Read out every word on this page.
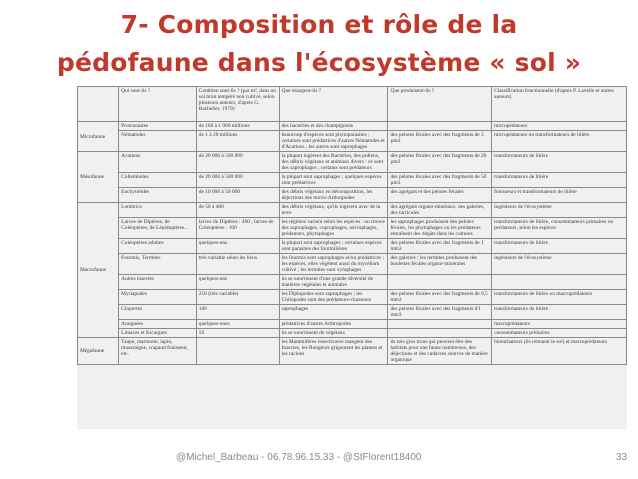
7- Composition et rôle de la
pédofaune dans l'écosystème « sol »
	Qui sont-ils ?	Combien sont-ils ? (par m², dans un sol brun tempéré non cultivé, selon plusieurs auteurs, d'après G. Bachelier, 1979)	Que mangent-ils ?	Que produisent-ils ?	Classification fonctionnelle (d'après P. Lavelle et autres auteurs)
Microfaune	Protozoaires	de 100 à 1 000 millions	des bactéries et des champignons		micropédateurs
	Nématodes	de 1 à 20 millions	beaucoup d'espèces sont phytoparasites ; certaines sont prédatrices d'autres Nématodes et d'Acariens ; les autres sont saprophages	des pelotes fécales avec des fragments de 3 µm3	micropédateurs ou transformateurs de litière
Mésofaune	Acariens	de 20 000 à 500 000	la plupart ingèrent des Bactéries, des pollens, des débris végétaux et animaux divers : ce sont des saprophages ; certains sont prédateurs	des pelotes fécales avec des fragments de 20 µm3	transformateurs de litière
	Collemboles	de 20 000 à 500 000	la plupart sont saprophages ; quelques espèces sont prédatrices	des pelotes fécales avec des fragments de 50 µm3	transformateurs de litière
	Enchytréides	de 10 000 à 50 000	des débris végétaux en décomposition, les déjections des micro-Arthropodes	des agrégats et des pelotes fécales	fouisseurs et transformateurs de litière
Macrofaune	Lombrics	de 50 à 400	des débris végétaux, qu'ils ingèrent avec de la terre	des agrégats organo-minéraux, des galeries, des turricules	ingénieurs de l'écosystème
	Larves de Diptères, de Coléoptères, de Lépidoptères...	larves de Diptères : 400 ; larves de Coléoptères : 100	les régimes varient selon les espèces : on trouve des saprophages, coprophages, nécrophages, prédateurs, phytophages	les saprophages produisent des pelotes fécales, les phytophages ou les prédateurs entraînent des dégâts dans les cultures	transformateurs de litière, consommateurs primaires ou prédateurs, selon les espèces
	Coléoptères adultes	quelques-uns	la plupart sont saprophages ; certaines espèces sont parasites des fourmilières	des pelotes fécales avec des fragments de 1 mm3	transformateurs de litière
	Fourmis, Termites	très variable selon les lieux	les fourmis sont saprophages et/ou prédatrices ; les espèces, elles végètent aussi du mycélium cultivé ; les termites sont xylophages	des galeries ; les termites produisent des boulettes fécales organo-minérales	ingénieurs de l'écosystème
	Autres insectes	quelques-uns	ils se nourrissent d'une grande diversité de matières végétales et animales		
	Myriapodes	250 (très variable)	les Diplopodes sont saprophages ; les Chilopodes sont des prédateurs-chasseurs	des pelotes fécales avec des fragments de 0,5 mm3	transformateurs de litière ou macroprédateurs
	Cloportes	100	saprophages	des pelotes fécales avec des fragments d'1 mm3	transformateurs de litière
	Araignées	quelques-unes	prédatrices d'autres Arthropodes		macroprédateurs
	Limaces et Escargots	50	ils se nourrissent de végétaux		consommateurs primaires
Mégafaune	Taupe, marmotte, lapin, musaraigne, crapaud fouisseur, etc.		les Mammifères insectivores mangent des Insectes, les Rongeurs grignotent les plantes et les racines	ils très gros trous qui peuvent être des habitats pour une faune nombreuse, des déjections et des cadavres sources de matière organique	bioturbateurs (ils remuent le sol) et macroprédateurs
@Michel_Barbeau - 06.78.96.15.33 - @StFlorent18400	33
